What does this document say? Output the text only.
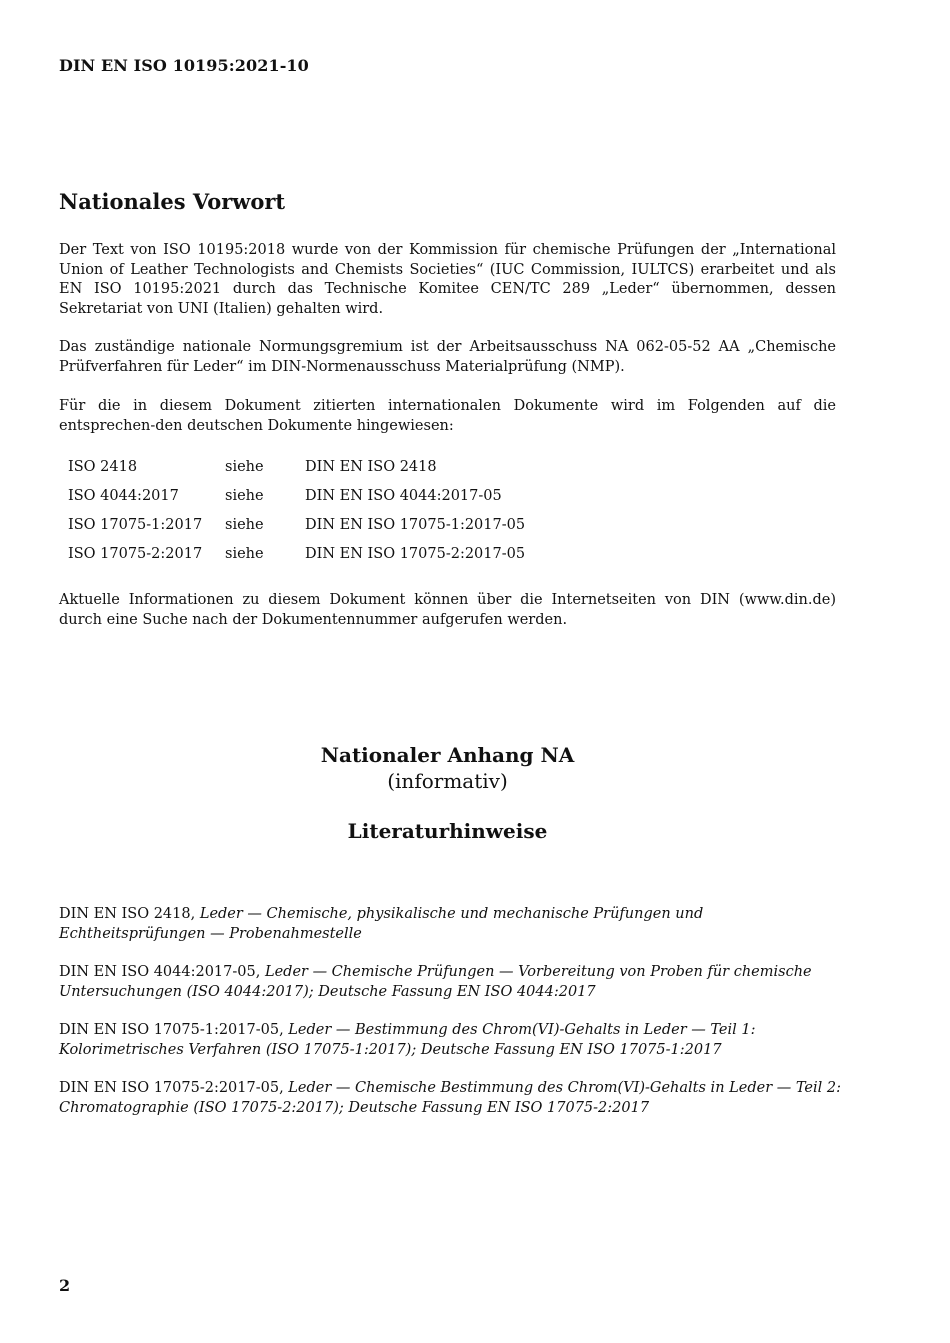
DIN EN ISO 10195:2021-10
Nationales Vorwort

Der Text von ISO 10195:2018 wurde von der Kommission für chemische Prüfungen der „International Union of Leather Technologists and Chemists Societies“ (IUC Commission, IULTCS) erarbeitet und als EN ISO 10195:2021 durch das Technische Komitee CEN/TC 289 „Leder“ übernommen, dessen Sekretariat von UNI (Italien) gehalten wird.

Das zuständige nationale Normungsgremium ist der Arbeitsausschuss NA 062-05-52 AA „Chemische Prüfverfahren für Leder“ im DIN-Normenausschuss Materialprüfung (NMP).

Für die in diesem Dokument zitierten internationalen Dokumente wird im Folgenden auf die entsprechen-den deutschen Dokumente hingewiesen:

ISO 2418	siehe	DIN EN ISO 2418
ISO 4044:2017	siehe	DIN EN ISO 4044:2017-05
ISO 17075-1:2017	siehe	DIN EN ISO 17075-1:2017-05
ISO 17075-2:2017	siehe	DIN EN ISO 17075-2:2017-05

Aktuelle Informationen zu diesem Dokument können über die Internetseiten von DIN (www.din.de) durch eine Suche nach der Dokumentennummer aufgerufen werden.

Nationaler Anhang NA
(informativ)
Literaturhinweise

DIN EN ISO 2418, Leder — Chemische, physikalische und mechanische Prüfungen und Echtheitsprüfungen — Probenahmestelle

DIN EN ISO 4044:2017-05, Leder — Chemische Prüfungen — Vorbereitung von Proben für chemische Untersuchungen (ISO 4044:2017); Deutsche Fassung EN ISO 4044:2017

DIN EN ISO 17075-1:2017-05, Leder — Bestimmung des Chrom(VI)-Gehalts in Leder — Teil 1: Kolorimetrisches Verfahren (ISO 17075-1:2017); Deutsche Fassung EN ISO 17075-1:2017

DIN EN ISO 17075-2:2017-05, Leder — Chemische Bestimmung des Chrom(VI)-Gehalts in Leder — Teil 2: Chromatographie (ISO 17075-2:2017); Deutsche Fassung EN ISO 17075-2:2017

2
